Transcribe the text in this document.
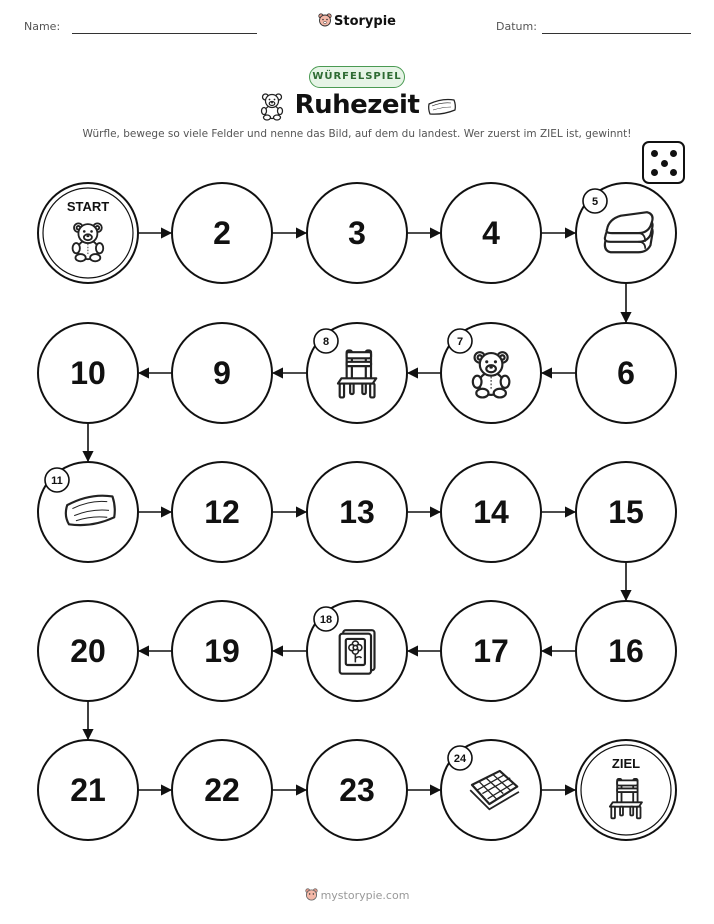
Name:	Storypie	Datum:
WÜRFELSPIEL
Ruhezeit
Würfle, bewege so viele Felder und nenne das Bild, auf dem du landest. Wer zuerst im ZIEL ist, gewinnt!
START
2	3	4
5
6
7
8
9
10
11
12	13	14	15
16
17
18
19
20
21	22	23
24	ZIEL
mystorypie.com
